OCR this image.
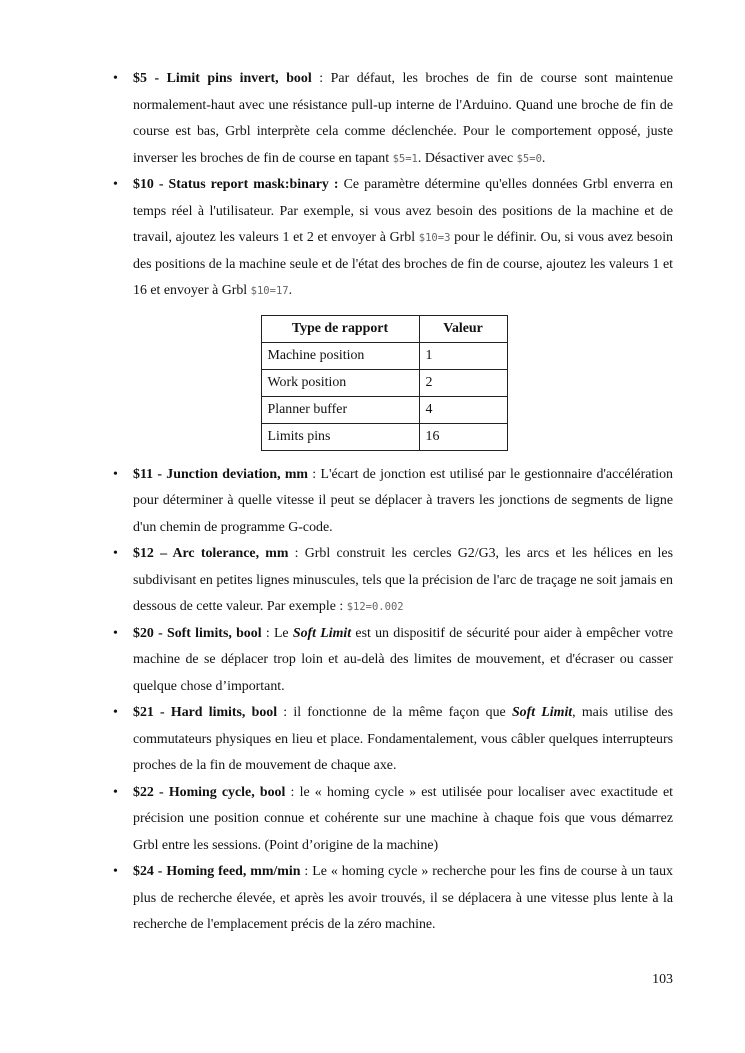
• $5 - Limit pins invert, bool : Par défaut, les broches de fin de course sont maintenue normalement-haut avec une résistance pull-up interne de l'Arduino. Quand une broche de fin de course est bas, Grbl interprète cela comme déclenchée. Pour le comportement opposé, juste inverser les broches de fin de course en tapant $5=1. Désactiver avec $5=0.
• $10 - Status report mask:binary : Ce paramètre détermine qu'elles données Grbl enverra en temps réel à l'utilisateur. Par exemple, si vous avez besoin des positions de la machine et de travail, ajoutez les valeurs 1 et 2 et envoyer à Grbl $10=3 pour le définir. Ou, si vous avez besoin des positions de la machine seule et de l'état des broches de fin de course, ajoutez les valeurs 1 et 16 et envoyer à Grbl $10=17.
Type de rapport	Valeur
Machine position	1
Work position	2
Planner buffer	4
Limits pins	16
• $11 - Junction deviation, mm : L'écart de jonction est utilisé par le gestionnaire d'accélération pour déterminer à quelle vitesse il peut se déplacer à travers les jonctions de segments de ligne d'un chemin de programme G-code.
• $12 – Arc tolerance, mm : Grbl construit les cercles G2/G3, les arcs et les hélices en les subdivisant en petites lignes minuscules, tels que la précision de l'arc de traçage ne soit jamais en dessous de cette valeur. Par exemple : $12=0.002
• $20 - Soft limits, bool : Le Soft Limit est un dispositif de sécurité pour aider à empêcher votre machine de se déplacer trop loin et au-delà des limites de mouvement, et d'écraser ou casser quelque chose d’important.
• $21 - Hard limits, bool : il fonctionne de la même façon que Soft Limit, mais utilise des commutateurs physiques en lieu et place. Fondamentalement, vous câbler quelques interrupteurs proches de la fin de mouvement de chaque axe.
• $22 - Homing cycle, bool : le « homing cycle » est utilisée pour localiser avec exactitude et précision une position connue et cohérente sur une machine à chaque fois que vous démarrez Grbl entre les sessions. (Point d’origine de la machine)
• $24 - Homing feed, mm/min : Le « homing cycle » recherche pour les fins de course à un taux plus de recherche élevée, et après les avoir trouvés, il se déplacera à une vitesse plus lente à la recherche de l'emplacement précis de la zéro machine.
103
